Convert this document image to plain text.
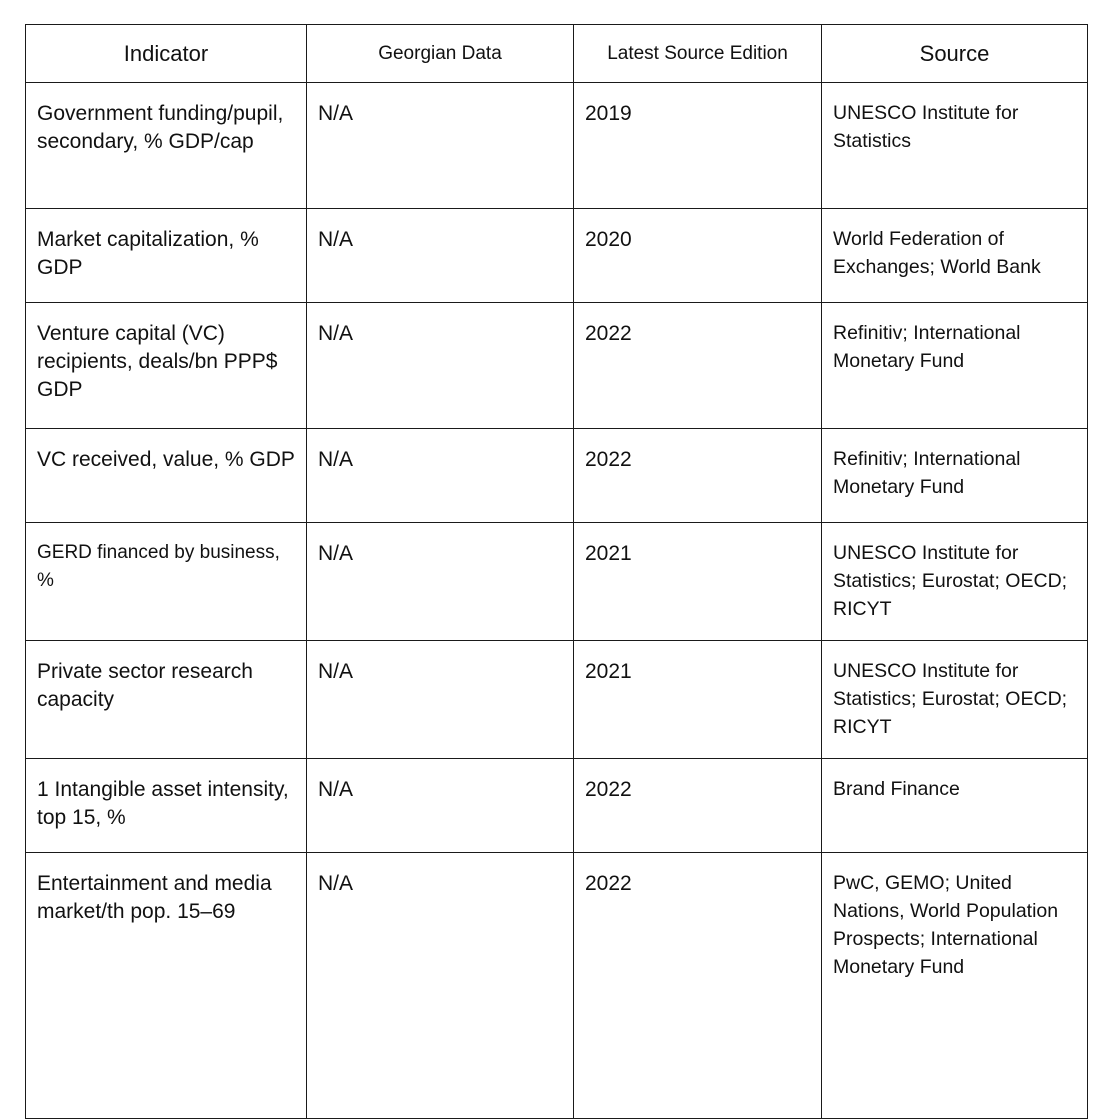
Indicator	Georgian Data	Latest Source Edition	Source
Government funding/pupil, secondary, % GDP/cap	N/A	2019	UNESCO Institute for Statistics
Market capitalization, % GDP	N/A	2020	World Federation of Exchanges; World Bank
Venture capital (VC) recipients, deals/bn PPP$ GDP	N/A	2022	Refinitiv; International Monetary Fund
VC received, value, % GDP	N/A	2022	Refinitiv; International Monetary Fund
GERD financed by business, %	N/A	2021	UNESCO Institute for Statistics; Eurostat; OECD; RICYT
Private sector research capacity	N/A	2021	UNESCO Institute for Statistics; Eurostat; OECD; RICYT
1 Intangible asset intensity, top 15, %	N/A	2022	Brand Finance
Entertainment and media market/th pop. 15–69	N/A	2022	PwC, GEMO; United Nations, World Population Prospects; International Monetary Fund
